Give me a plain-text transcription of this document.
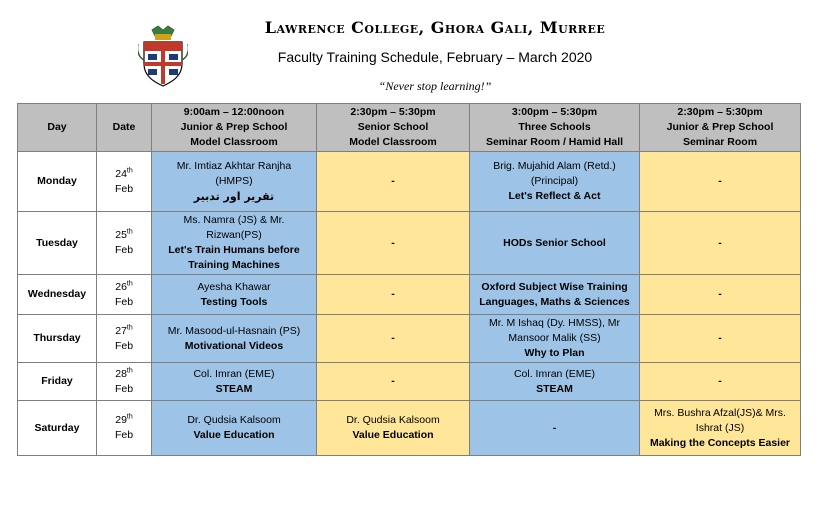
Lawrence College, Ghora Gali, Murree
Faculty Training Schedule, February – March 2020
“Never stop learning!”
Day	Date	9:00am – 12:00noon
Junior & Prep School
Model Classroom	2:30pm – 5:30pm
Senior School
Model Classroom	3:00pm – 5:30pm
Three Schools
Seminar Room / Hamid Hall	2:30pm – 5:30pm
Junior & Prep School
Seminar Room

Monday	24th
Feb	Mr. Imtiaz Akhtar Ranjha
(HMPS)
تقریر اور تدبیر	-	Brig. Mujahid Alam (Retd.)
(Principal)
Let's Reflect & Act	-

Tuesday	25th
Feb	Ms. Namra (JS) & Mr.
Rizwan(PS)
Let's Train Humans before Training Machines	-	HODs Senior School	-

Wednesday	26th
Feb	Ayesha Khawar
Testing Tools	-	Oxford Subject Wise Training Languages, Maths & Sciences	-

Thursday	27th
Feb	Mr. Masood-ul-Hasnain (PS)
Motivational Videos	-	Mr. M Ishaq (Dy. HMSS), Mr
Mansoor Malik (SS)
Why to Plan	-

Friday	28th
Feb	Col. Imran (EME)
STEAM	-	Col. Imran (EME)
STEAM	-

Saturday	29th
Feb	Dr. Qudsia Kalsoom
Value Education	Dr. Qudsia Kalsoom
Value Education	-	Mrs. Bushra Afzal(JS)& Mrs.
Ishrat (JS)
Making the Concepts Easier
